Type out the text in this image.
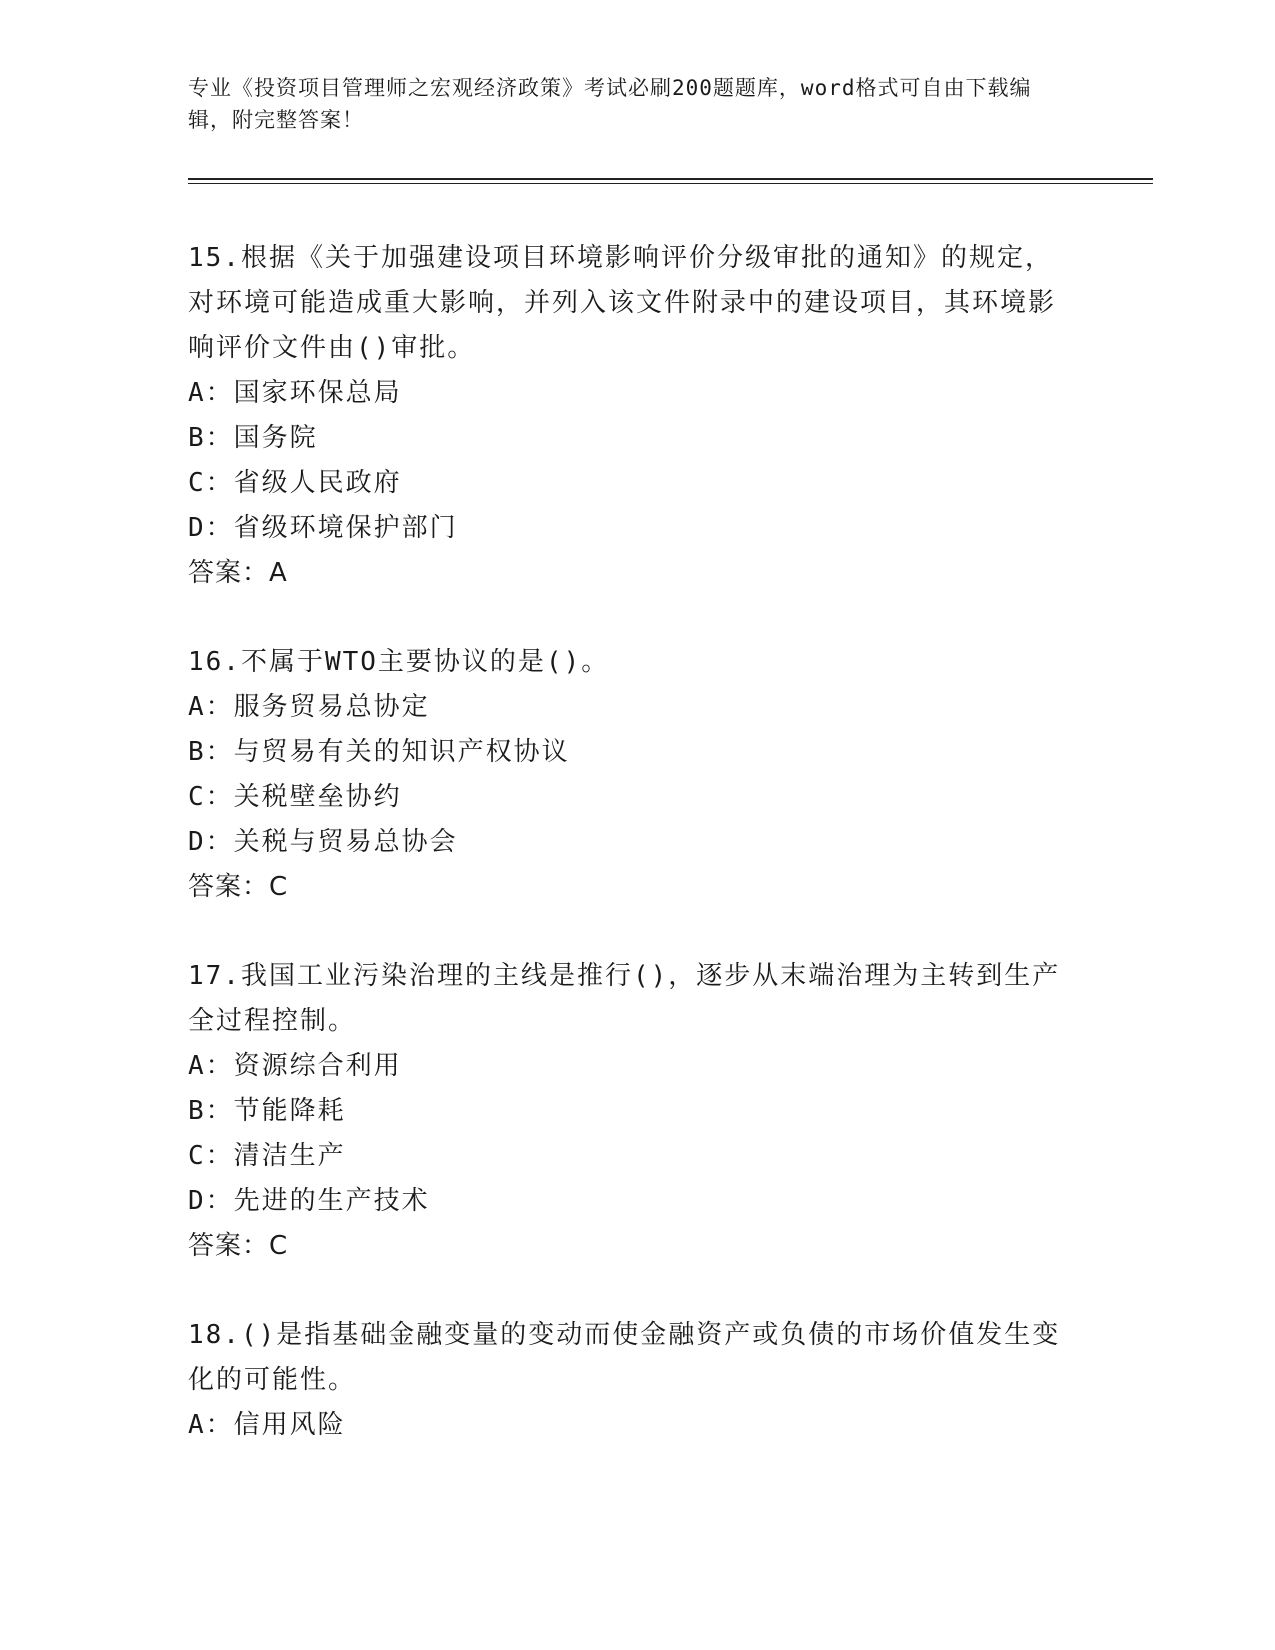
专业《投资项目管理师之宏观经济政策》考试必刷200题题库，word格式可自由下载编辑，附完整答案！
15.根据《关于加强建设项目环境影响评价分级审批的通知》的规定，对环境可能造成重大影响，并列入该文件附录中的建设项目，其环境影响评价文件由()审批。
A：国家环保总局
B：国务院
C：省级人民政府
D：省级环境保护部门
答案：A
16.不属于WTO主要协议的是()。
A：服务贸易总协定
B：与贸易有关的知识产权协议
C：关税壁垒协约
D：关税与贸易总协会
答案：C
17.我国工业污染治理的主线是推行()，逐步从末端治理为主转到生产全过程控制。
A：资源综合利用
B：节能降耗
C：清洁生产
D：先进的生产技术
答案：C
18.()是指基础金融变量的变动而使金融资产或负债的市场价值发生变化的可能性。
A：信用风险
